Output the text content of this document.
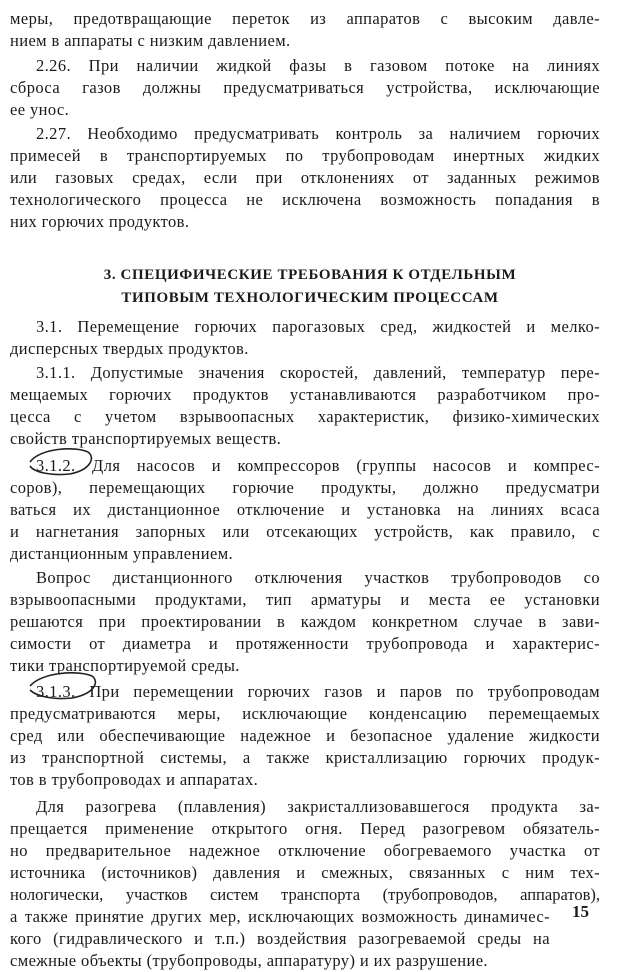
меры, предотвращающие переток из аппаратов с высоким давле-
нием в аппараты с низким давлением.
2.26. При наличии жидкой фазы в газовом потоке на линиях
сброса газов должны предусматриваться устройства, исключающие
ее унос.
2.27. Необходимо предусматривать контроль за наличием горючих
примесей в транспортируемых по трубопроводам инертных жидких
или газовых средах, если при отклонениях от заданных режимов
технологического процесса не исключена возможность попадания в
них горючих продуктов.
3. СПЕЦИФИЧЕСКИЕ ТРЕБОВАНИЯ К ОТДЕЛЬНЫМ
ТИПОВЫМ ТЕХНОЛОГИЧЕСКИМ ПРОЦЕССАМ
3.1. Перемещение горючих парогазовых сред, жидкостей и мелко-
дисперсных твердых продуктов.
3.1.1. Допустимые значения скоростей, давлений, температур пере-
мещаемых горючих продуктов устанавливаются разработчиком про-
цесса с учетом взрывоопасных характеристик, физико-химических
свойств транспортируемых веществ.
3.1.2. Для насосов и компрессоров (группы насосов и компрес-
соров), перемещающих горючие продукты, должно предусматри
ваться их дистанционное отключение и установка на линиях всаса
и нагнетания запорных или отсекающих устройств, как правило, с
дистанционным управлением.
Вопрос дистанционного отключения участков трубопроводов со
взрывоопасными продуктами, тип арматуры и места ее установки
решаются при проектировании в каждом конкретном случае в зави-
симости от диаметра и протяженности трубопровода и характерис-
тики транспортируемой среды.
3.1.3. При перемещении горючих газов и паров по трубопроводам
предусматриваются меры, исключающие конденсацию перемещаемых
сред или обеспечивающие надежное и безопасное удаление жидкости
из транспортной системы, а также кристаллизацию горючих продук-
тов в трубопроводах и аппаратах.
Для разогрева (плавления) закристаллизовавшегося продукта за-
прещается применение открытого огня. Перед разогревом обязатель-
но предварительное надежное отключение обогреваемого участка от
источника (источников) давления и смежных, связанных с ним тех-
нологически, участков систем транспорта (трубопроводов, аппаратов),
а также принятие других мер, исключающих возможность динамичес-
кого (гидравлического и т.п.) воздействия разогреваемой среды на
смежные объекты (трубопроводы, аппаратуру) и их разрушение.
15
